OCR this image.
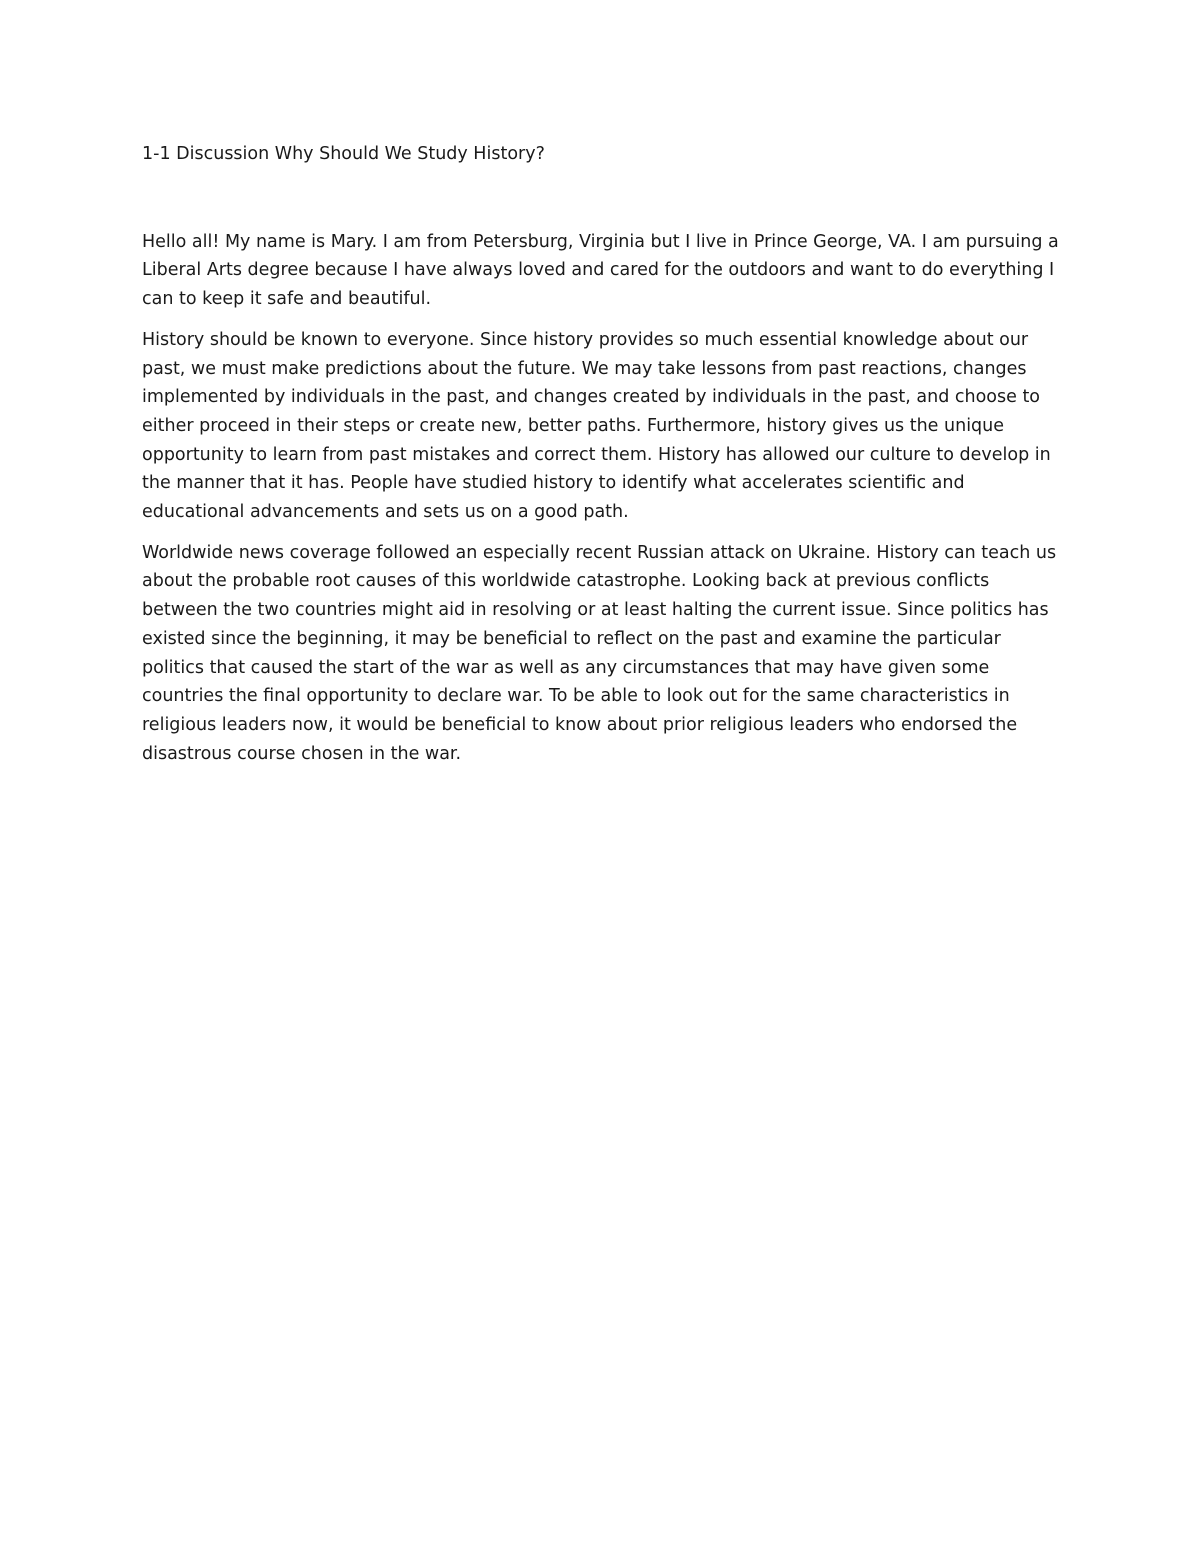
1-1 Discussion Why Should We Study History?

Hello all! My name is Mary. I am from Petersburg, Virginia but I live in Prince George, VA. I am pursuing a Liberal Arts degree because I have always loved and cared for the outdoors and want to do everything I can to keep it safe and beautiful.

History should be known to everyone. Since history provides so much essential knowledge about our past, we must make predictions about the future. We may take lessons from past reactions, changes implemented by individuals in the past, and changes created by individuals in the past, and choose to either proceed in their steps or create new, better paths. Furthermore, history gives us the unique opportunity to learn from past mistakes and correct them. History has allowed our culture to develop in the manner that it has. People have studied history to identify what accelerates scientific and educational advancements and sets us on a good path.

Worldwide news coverage followed an especially recent Russian attack on Ukraine. History can teach us about the probable root causes of this worldwide catastrophe. Looking back at previous conflicts between the two countries might aid in resolving or at least halting the current issue. Since politics has existed since the beginning, it may be beneficial to reflect on the past and examine the particular politics that caused the start of the war as well as any circumstances that may have given some countries the final opportunity to declare war. To be able to look out for the same characteristics in religious leaders now, it would be beneficial to know about prior religious leaders who endorsed the disastrous course chosen in the war.
